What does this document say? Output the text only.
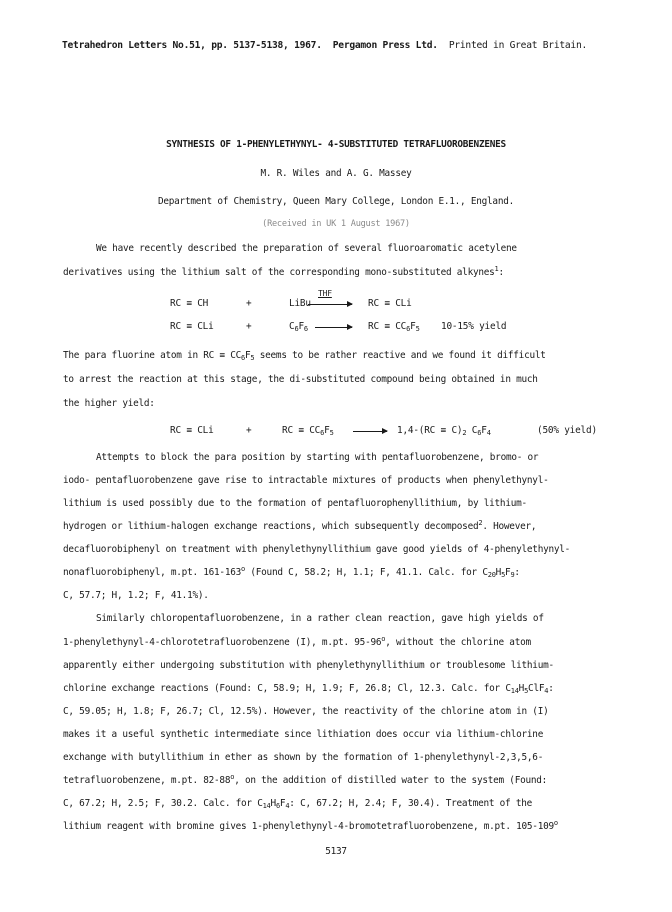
Tetrahedron Letters No.51, pp. 5137-5138, 1967. Pergamon Press Ltd. Printed in Great Britain.
SYNTHESIS OF 1-PHENYLETHYNYL- 4-SUBSTITUTED TETRAFLUOROBENZENES
M. R. Wiles and A. G. Massey
Department of Chemistry, Queen Mary College, London E.1., England.
(Received in UK 1 August 1967)
We have recently described the preparation of several fluoroaromatic acetylene
derivatives using the lithium salt of the corresponding mono-substituted alkynes$^1$:
RC ≡ CH	+	LiBu
THF
RC ≡ CLi
RC ≡ CLi	+	$C_6F_6$	RC ≡ $CC_6F_5$ 10-15% yield
The para fluorine atom in RC ≡ $CC_6F_5$ seems to be rather reactive and we found it difficult
to arrest the reaction at this stage, the di-substituted compound being obtained in much
the higher yield:
RC ≡ CLi	+	RC ≡ $CC_6F_5$	$1,4-(RC \equiv C)_2$ $C_6F_4$	(50% yield)
Attempts to block the para position by starting with pentafluorobenzene, bromo- or
iodo- pentafluorobenzene gave rise to intractable mixtures of products when phenylethynyl-
lithium is used possibly due to the formation of pentafluorophenyllithium, by lithium-
hydrogen or lithium-halogen exchange reactions, which subsequently decomposed$^2$. However,
decafluorobiphenyl on treatment with phenylethynyllithium gave good yields of 4-phenylethynyl-
nonafluorobiphenyl, m.pt. 161-163$^o$ (Found C, 58.2; H, 1.1; F, 41.1. Calc. for $C_{20}H_5F_9$:
C, 57.7; H, 1.2; F, 41.1%).
Similarly chloropentafluorobenzene, in a rather clean reaction, gave high yields of
1-phenylethynyl-4-chlorotetrafluorobenzene (I), m.pt. 95-96$^o$, without the chlorine atom
apparently either undergoing substitution with phenylethynyllithium or troublesome lithium-
chlorine exchange reactions (Found: C, 58.9; H, 1.9; F, 26.8; Cl, 12.3. Calc. for $C_{14}H_5ClF_4$:
C, 59.05; H, 1.8; F, 26.7; Cl, 12.5%). However, the reactivity of the chlorine atom in (I)
makes it a useful synthetic intermediate since lithiation does occur via lithium-chlorine
exchange with butyllithium in ether as shown by the formation of 1-phenylethynyl-2,3,5,6-
tetrafluorobenzene, m.pt. 82-88$^o$, on the addition of distilled water to the system (Found:
C, 67.2; H, 2.5; F, 30.2. Calc. for $C_{14}H_6F_4$: C, 67.2; H, 2.4; F, 30.4). Treatment of the
lithium reagent with bromine gives 1-phenylethynyl-4-bromotetrafluorobenzene, m.pt. 105-109$^o$
5137
